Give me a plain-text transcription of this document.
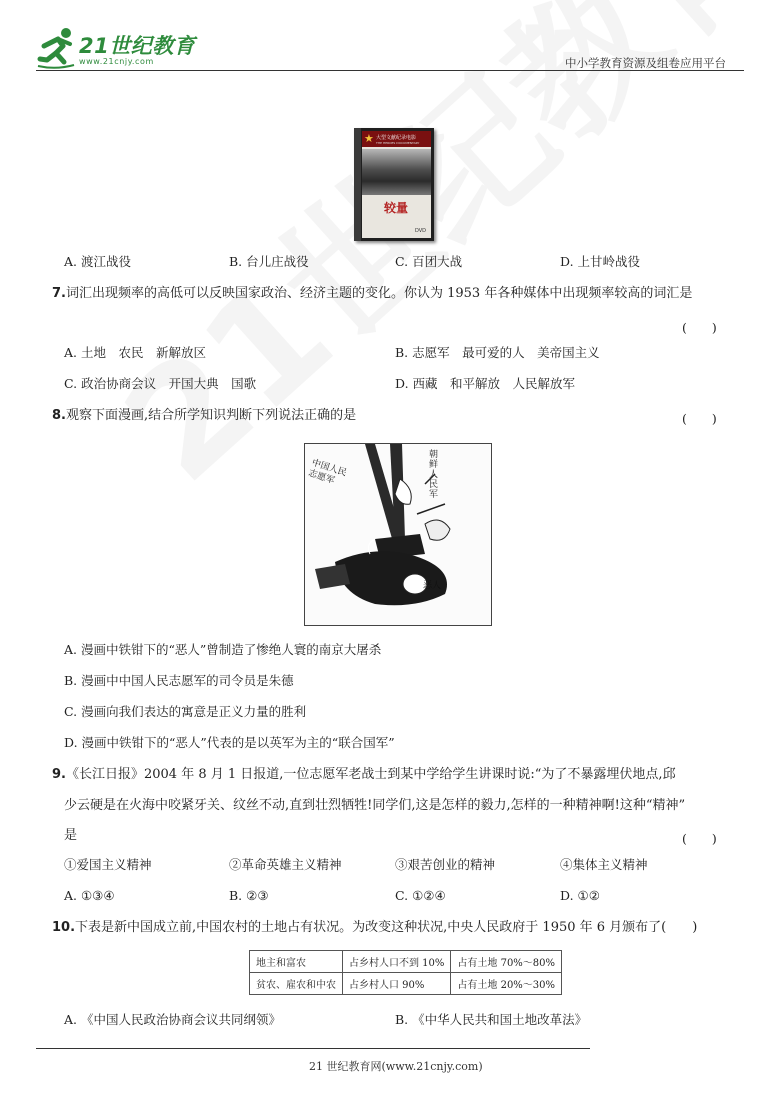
21世纪教育
www.21cnjy.com	中小学教育资源及组卷应用平台
★ 大型文献纪录电影
THE HEROES DOCUMENTARY
较量
DVD
A. 渡江战役	B. 台儿庄战役	C. 百团大战	D. 上甘岭战役
7.词汇出现频率的高低可以反映国家政治、经济主题的变化。你认为 1953 年各种媒体中出现频率较高的词汇是
(　　)
A. 土地　农民　新解放区	B. 志愿军　最可爱的人　美帝国主义
C. 政治协商会议　开国大典　国歌	D. 西藏　和平解放　人民解放军
8.观察下面漫画,结合所学知识判断下列说法正确的是	(　　)
中国人民志愿军
朝鲜人民军
恶人
A. 漫画中铁钳下的“恶人”曾制造了惨绝人寰的南京大屠杀
B. 漫画中中国人民志愿军的司令员是朱德
C. 漫画向我们表达的寓意是正义力量的胜利
D. 漫画中铁钳下的“恶人”代表的是以英军为主的“联合国军”
9.《长江日报》2004 年 8 月 1 日报道,一位志愿军老战士到某中学给学生讲课时说:“为了不暴露埋伏地点,邱
少云硬是在火海中咬紧牙关、纹丝不动,直到壮烈牺牲!同学们,这是怎样的毅力,怎样的一种精神啊!这种“精神”
是	(　　)
①爱国主义精神	②革命英雄主义精神	③艰苦创业的精神	④集体主义精神
A. ①③④	B. ②③	C. ①②④	D. ①②
10.下表是新中国成立前,中国农村的土地占有状况。为改变这种状况,中央人民政府于 1950 年 6 月颁布了(　　)
地主和富农	占乡村人口不到 10%	占有土地 70%～80%
贫农、雇农和中农	占乡村人口 90%	占有土地 20%～30%
A. 《中国人民政治协商会议共同纲领》	B. 《中华人民共和国土地改革法》
21 世纪教育网(www.21cnjy.com)
